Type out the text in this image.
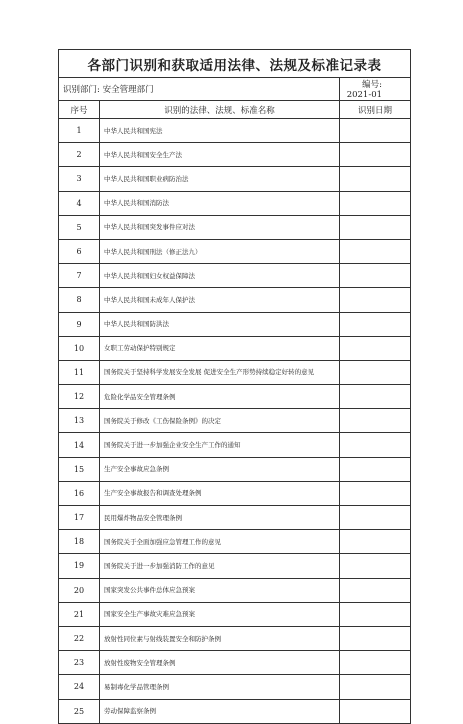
各部门识别和获取适用法律、法规及标准记录表		
识别部门: 安全管理部门		编号: 2021-01
序号	识别的法律、法规、标准名称	识别日期
1	中华人民共和国宪法	
2	中华人民共和国安全生产法	
3	中华人民共和国职业病防治法	
4	中华人民共和国消防法	
5	中华人民共和国突发事件应对法	
6	中华人民共和国刑法（修正法九）	
7	中华人民共和国妇女权益保障法	
8	中华人民共和国未成年人保护法	
9	中华人民共和国防洪法	
10	女职工劳动保护特别规定	
11	国务院关于坚持科学发展安全发展 促进安全生产形势持续稳定好转的意见	
12	危险化学品安全管理条例	
13	国务院关于修改《工伤保险条例》的决定	
14	国务院关于进一步加强企业安全生产工作的通知	
15	生产安全事故应急条例	
16	生产安全事故报告和调查处理条例	
17	民用爆炸物品安全管理条例	
18	国务院关于全面加强应急管理工作的意见	
19	国务院关于进一步加强消防工作的意见	
20	国家突发公共事件总体应急预案	
21	国家安全生产事故灾难应急预案	
22	放射性同位素与射线装置安全和防护条例	
23	放射性废物安全管理条例	
24	易制毒化学品管理条例	
25	劳动保障监察条例	
